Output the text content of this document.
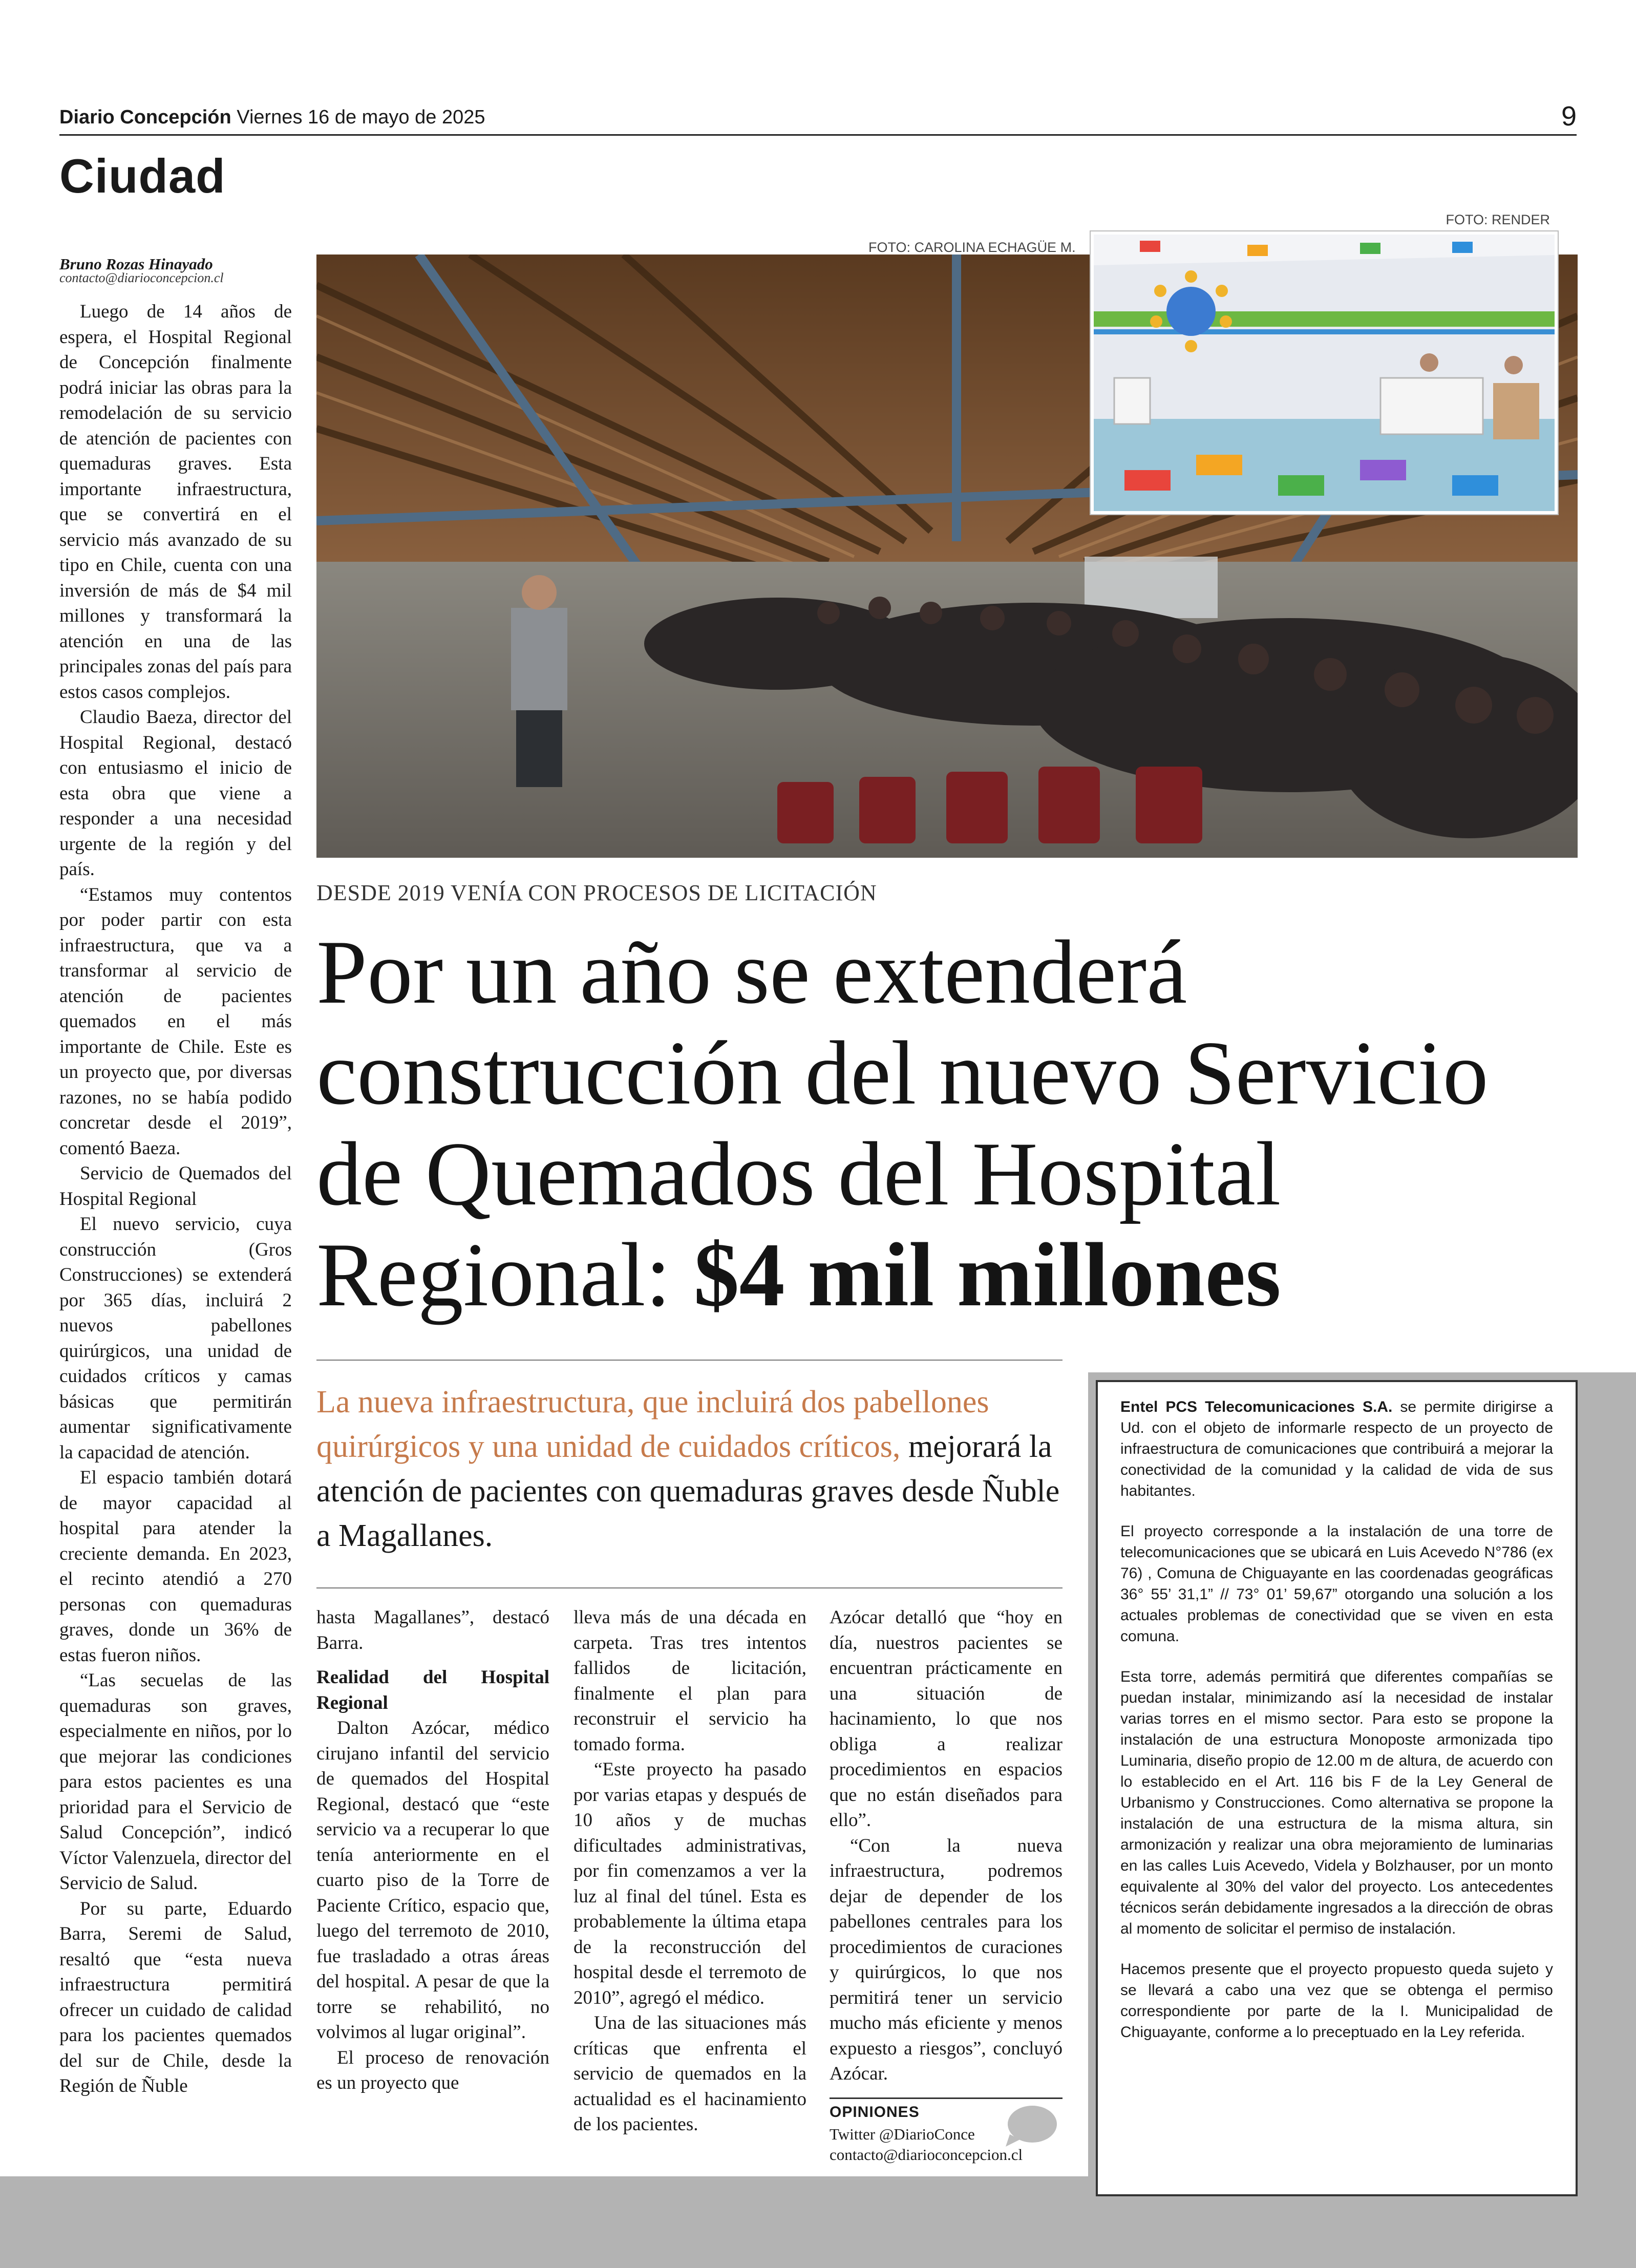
Diario Concepción Viernes 16 de mayo de 2025	9
Ciudad
Bruno Rozas Hinayado
contacto@diarioconcepcion.cl

Luego de 14 años de espera, el Hospital Regional de Concepción finalmente podrá iniciar las obras para la remodelación de su servicio de atención de pacientes con quemaduras graves. Esta importante infraestructura, que se convertirá en el servicio más avanzado de su tipo en Chile, cuenta con una inversión de más de $4 mil millones y transformará la atención en una de las principales zonas del país para estos casos complejos.

Claudio Baeza, director del Hospital Regional, destacó con entusiasmo el inicio de esta obra que viene a responder a una necesidad urgente de la región y del país.

“Estamos muy contentos por poder partir con esta infraestructura, que va a transformar al servicio de atención de pacientes quemados en el más importante de Chile. Este es un proyecto que, por diversas razones, no se había podido concretar desde el 2019”, comentó Baeza.

Servicio de Quemados del Hospital Regional

El nuevo servicio, cuya construcción (Gros Construcciones) se extenderá por 365 días, incluirá 2 nuevos pabellones quirúrgicos, una unidad de cuidados críticos y camas básicas que permitirán aumentar significativamente la capacidad de atención.

El espacio también dotará de mayor capacidad al hospital para atender la creciente demanda. En 2023, el recinto atendió a 270 personas con quemaduras graves, donde un 36% de estas fueron niños.

“Las secuelas de las quemaduras son graves, especialmente en niños, por lo que mejorar las condiciones para estos pacientes es una prioridad para el Servicio de Salud Concepción”, indicó Víctor Valenzuela, director del Servicio de Salud.

Por su parte, Eduardo Barra, Seremi de Salud, resaltó que “esta nueva infraestructura permitirá ofrecer un cuidado de calidad para los pacientes quemados del sur de Chile, desde la Región de Ñuble

FOTO: CAROLINA ECHAGÜE M.
FOTO: RENDER
DESDE 2019 VENÍA CON PROCESOS DE LICITACIÓN
Por un año se extenderá construcción del nuevo Servicio de Quemados del Hospital Regional: $4 mil millones
La nueva infraestructura, que incluirá dos pabellones quirúrgicos y una unidad de cuidados críticos, mejorará la atención de pacientes con quemaduras graves desde Ñuble a Magallanes.

hasta Magallanes”, destacó Barra.

Realidad del Hospital Regional

Dalton Azócar, médico cirujano infantil del servicio de quemados del Hospital Regional, destacó que “este servicio va a recuperar lo que tenía anteriormente en el cuarto piso de la Torre de Paciente Crítico, espacio que, luego del terremoto de 2010, fue trasladado a otras áreas del hospital. A pesar de que la torre se rehabilitó, no volvimos al lugar original”.

El proceso de renovación es un proyecto que

lleva más de una década en carpeta. Tras tres intentos fallidos de licitación, finalmente el plan para reconstruir el servicio ha tomado forma.

“Este proyecto ha pasado por varias etapas y después de 10 años y de muchas dificultades administrativas, por fin comenzamos a ver la luz al final del túnel. Esta es probablemente la última etapa de la reconstrucción del hospital desde el terremoto de 2010”, agregó el médico.

Una de las situaciones más críticas que enfrenta el servicio de quemados en la actualidad es el hacinamiento de los pacientes.

Azócar detalló que “hoy en día, nuestros pacientes se encuentran prácticamente en una situación de hacinamiento, lo que nos obliga a realizar procedimientos en espacios que no están diseñados para ello”.

“Con la nueva infraestructura, podremos dejar de depender de los pabellones centrales para los procedimientos de curaciones y quirúrgicos, lo que nos permitirá tener un servicio mucho más eficiente y menos expuesto a riesgos”, concluyó Azócar.

OPINIONES
Twitter @DiarioConce
contacto@diarioconcepcion.cl

Entel PCS Telecomunicaciones S.A. se permite dirigirse a Ud. con el objeto de informarle respecto de un proyecto de infraestructura de comunicaciones que contribuirá a mejorar la conectividad de la comunidad y la calidad de vida de sus habitantes.

El proyecto corresponde a la instalación de una torre de telecomunicaciones que se ubicará en Luis Acevedo N°786 (ex 76) , Comuna de Chiguayante en las coordenadas geográficas 36° 55’ 31,1” // 73° 01’ 59,67” otorgando una solución a los actuales problemas de conectividad que se viven en esta comuna.

Esta torre, además permitirá que diferentes compañías se puedan instalar, minimizando así la necesidad de instalar varias torres en el mismo sector. Para esto se propone la instalación de una estructura Monoposte armonizada tipo Luminaria, diseño propio de 12.00 m de altura, de acuerdo con lo establecido en el Art. 116 bis F de la Ley General de Urbanismo y Construcciones. Como alternativa se propone la instalación de una estructura de la misma altura, sin armonización y realizar una obra mejoramiento de luminarias en las calles Luis Acevedo, Videla y Bolzhauser, por un monto equivalente al 30% del valor del proyecto. Los antecedentes técnicos serán debidamente ingresados a la dirección de obras al momento de solicitar el permiso de instalación.

Hacemos presente que el proyecto propuesto queda sujeto y se llevará a cabo una vez que se obtenga el permiso correspondiente por parte de la I. Municipalidad de Chiguayante, conforme a lo preceptuado en la Ley referida.
